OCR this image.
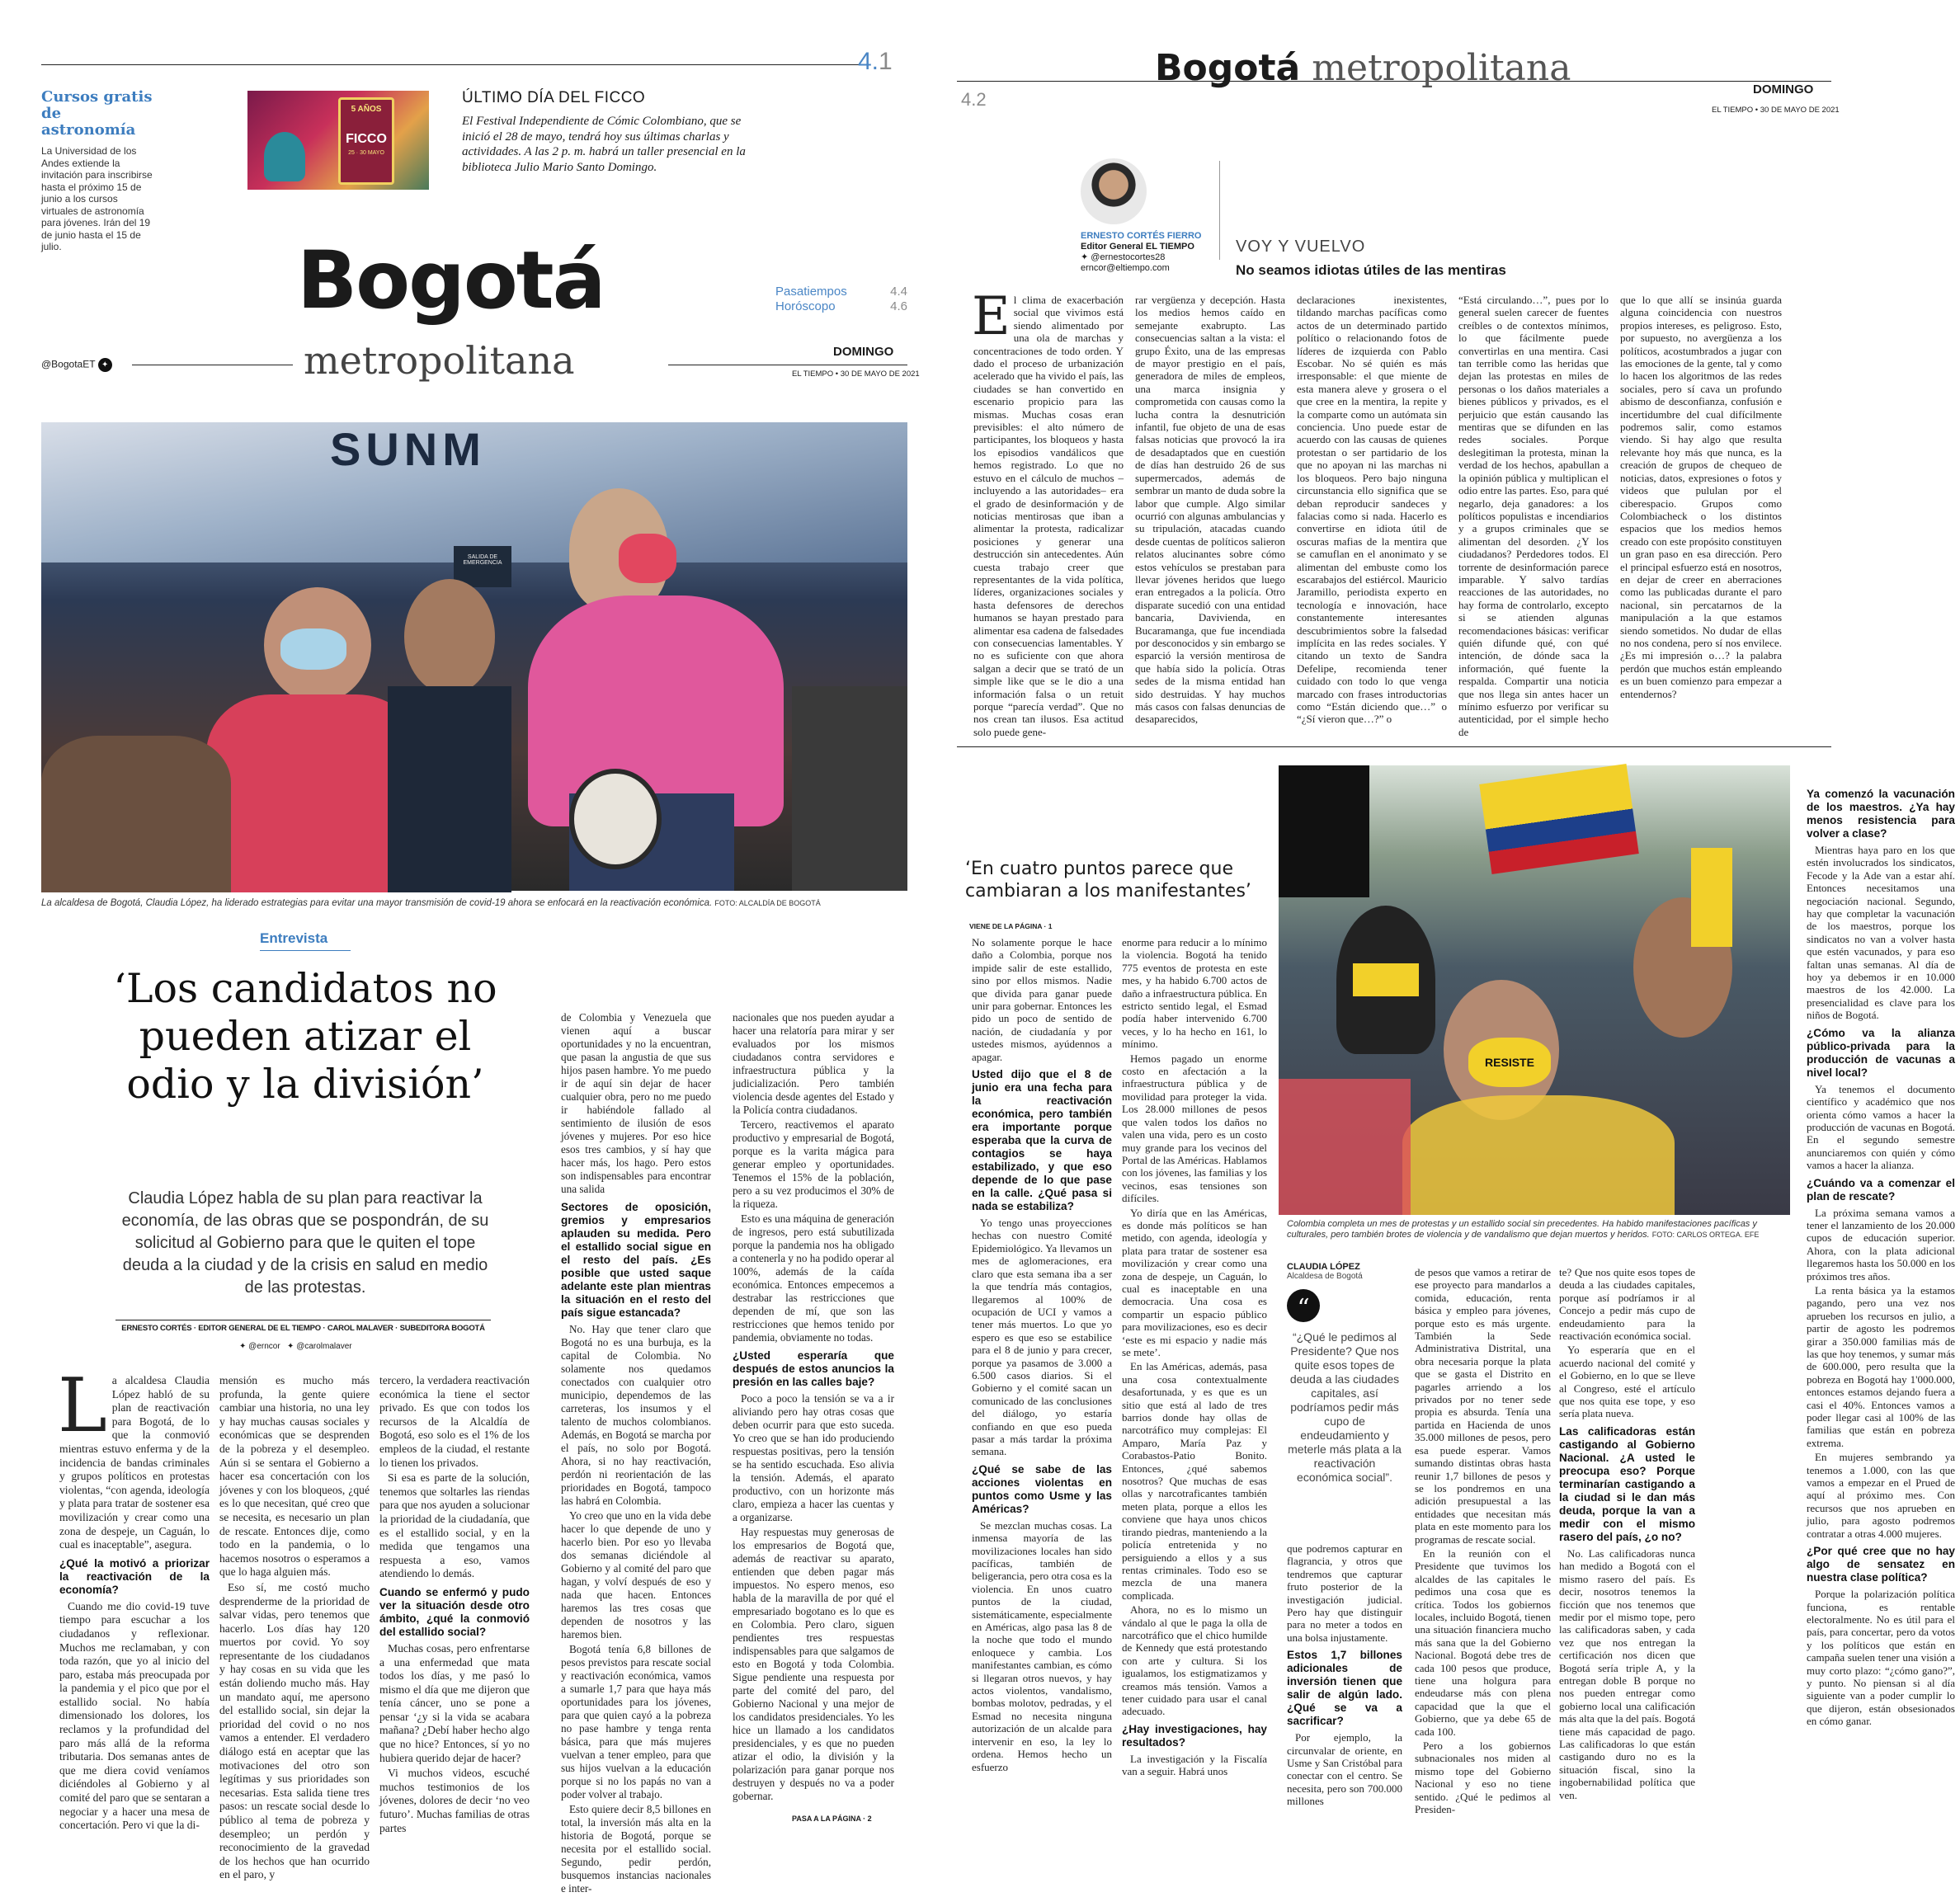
4.1
Cursos gratis de astronomía
La Universidad de los Andes extiende la invitación para inscribirse hasta el próximo 15 de junio a los cursos virtuales de astronomía para jóvenes. Irán del 19 de junio hasta el 15 de julio.
5 AÑOS
FICCO
25 · 30 MAYO
ÚLTIMO DÍA DEL FICCO
El Festival Independiente de Cómic Colombiano, que se inició el 28 de mayo, tendrá hoy sus últimas charlas y actividades. A las 2 p. m. habrá un taller presencial en la biblioteca Julio Mario Santo Domingo.
Bogotá
metropolitana
@BogotaET ✦
Pasatiempos	4.4
Horóscopo	4.6
DOMINGO
EL TIEMPO • 30 DE MAYO DE 2021
SUNM
SALIDA DE EMERGENCIA
La alcaldesa de Bogotá, Claudia López, ha liderado estrategias para evitar una mayor transmisión de covid-19 ahora se enfocará en la reactivación económica. FOTO: ALCALDÍA DE BOGOTÁ
Entrevista
‘Los candidatos no pueden atizar el odio y la división’
Claudia López habla de su plan para reactivar la economía, de las obras que se pospondrán, de su solicitud al Gobierno para que le quiten el tope deuda a la ciudad y de la crisis en salud en medio de las protestas.
ERNESTO CORTÉS · EDITOR GENERAL DE EL TIEMPO · CAROL MALAVER · SUBEDITORA BOGOTÁ
✦ @erncor ✦ @carolmalaver
L a alcaldesa Claudia López habló de su plan de reactivación para Bogotá, de lo que la conmovió mientras estuvo enferma y de la incidencia de bandas criminales y grupos políticos en protestas violentas, “con agenda, ideología y plata para tratar de sostener esa movilización y crear como una zona de despeje, un Caguán, lo cual es inaceptable”, asegura.

¿Qué la motivó a priorizar la reactivación de la economía?

Cuando me dio covid-19 tuve tiempo para escuchar a los ciudadanos y reflexionar. Muchos me reclamaban, y con toda razón, que yo al inicio del paro, estaba más preocupada por la pandemia y el pico que por el estallido social. No había dimensionado los dolores, los reclamos y la profundidad del paro más allá de la reforma tributaria. Dos semanas antes de que me diera covid veníamos diciéndoles al Gobierno y al comité del paro que se sentaran a negociar y a hacer una mesa de concertación. Pero vi que la di-

mensión es mucho más profunda, la gente quiere cambiar una historia, no una ley y hay muchas causas sociales y económicas que se desprenden de la pobreza y el desempleo. Aún si se sentara el Gobierno a hacer esa concertación con los jóvenes y con los bloqueos, ¿qué es lo que necesitan, qué creo que se necesita, es necesario un plan de rescate. Entonces dije, como todo en la pandemia, o lo hacemos nosotros o esperamos a que lo haga alguien más.

Eso sí, me costó mucho desprenderme de la prioridad de salvar vidas, pero tenemos que hacerlo. Los días hay 120 muertos por covid. Yo soy representante de los ciudadanos y hay cosas en su vida que les están doliendo mucho más. Hay un mandato aquí, me apersono del estallido social, sin dejar la prioridad del covid o no nos vamos a entender. El verdadero diálogo está en aceptar que las motivaciones del otro son legítimas y sus prioridades son necesarias. Esta salida tiene tres pasos: un rescate social desde lo público al tema de pobreza y desempleo; un perdón y reconocimiento de la gravedad de los hechos que han ocurrido en el paro, y

tercero, la verdadera reactivación económica la tiene el sector privado. Es que con todos los recursos de la Alcaldía de Bogotá, eso solo es el 1% de los empleos de la ciudad, el restante lo tienen los privados.

Si esa es parte de la solución, tenemos que soltarles las riendas para que nos ayuden a solucionar la prioridad de la ciudadanía, que es el estallido social, y en la medida que tengamos una respuesta a eso, vamos atendiendo lo demás.

Cuando se enfermó y pudo ver la situación desde otro ámbito, ¿qué la conmovió del estallido social?

Muchas cosas, pero enfrentarse a una enfermedad que mata todos los días, y me pasó lo mismo el día que me dijeron que tenía cáncer, uno se pone a pensar ‘¿y si la vida se acabara mañana? ¿Debí haber hecho algo que no hice? Entonces, sí yo no hubiera querido dejar de hacer?

Vi muchos videos, escuché muchos testimonios de los jóvenes, dolores de decir ‘no veo futuro’. Muchas familias de otras partes

de Colombia y Venezuela que vienen aquí a buscar oportunidades y no la encuentran, que pasan la angustia de que sus hijos pasen hambre. Yo me puedo ir de aquí sin dejar de hacer cualquier obra, pero no me puedo ir habiéndole fallado al sentimiento de ilusión de esos jóvenes y mujeres. Por eso hice esos tres cambios, y sí hay que hacer más, los hago. Pero estos son indispensables para encontrar una salida

Sectores de oposición, gremios y empresarios aplauden su medida. Pero el estallido social sigue en el resto del país. ¿Es posible que usted saque adelante este plan mientras la situación en el resto del país sigue estancada?

No. Hay que tener claro que Bogotá no es una burbuja, es la capital de Colombia. No solamente nos quedamos conectados con cualquier otro municipio, dependemos de las carreteras, los insumos y el talento de muchos colombianos. Además, en Bogotá se marcha por el país, no solo por Bogotá. Ahora, si no hay reactivación, perdón ni reorientación de las prioridades en Bogotá, tampoco las habrá en Colombia.

Yo creo que uno en la vida debe hacer lo que depende de uno y hacerlo bien. Por eso yo llevaba dos semanas diciéndole al Gobierno y al comité del paro que hagan, y volví después de eso y nada que hacen. Entonces haremos las tres cosas que dependen de nosotros y las haremos bien.

Bogotá tenía 6,8 billones de pesos previstos para rescate social y reactivación económica, vamos a sumarle 1,7 para que haya más oportunidades para los jóvenes, para que quien cayó a la pobreza no pase hambre y tenga renta básica, para que más mujeres vuelvan a tener empleo, para que sus hijos vuelvan a la educación porque si no los papás no van a poder volver al trabajo.

Esto quiere decir 8,5 billones en total, la inversión más alta en la historia de Bogotá, porque se necesita por el estallido social. Segundo, pedir perdón, busquemos instancias nacionales e inter-

nacionales que nos pueden ayudar a hacer una relatoría para mirar y ser evaluados por los mismos ciudadanos contra servidores e infraestructura pública y la judicialización. Pero también violencia desde agentes del Estado y la Policía contra ciudadanos.

Tercero, reactivemos el aparato productivo y empresarial de Bogotá, porque es la varita mágica para generar empleo y oportunidades. Tenemos el 15% de la población, pero a su vez producimos el 30% de la riqueza.

Esto es una máquina de generación de ingresos, pero está subutilizada porque la pandemia nos ha obligado a contenerla y no ha podido operar al 100%, además de la caída económica. Entonces empecemos a destrabar las restricciones que dependen de mí, que son las restricciones que hemos tenido por pandemia, obviamente no todas.

¿Usted esperaría que después de estos anuncios la presión en las calles baje?

Poco a poco la tensión se va a ir aliviando pero hay otras cosas que deben ocurrir para que esto suceda. Yo creo que se han ido produciendo respuestas positivas, pero la tensión se ha sentido escuchada. Eso alivia la tensión. Además, el aparato productivo, con un horizonte más claro, empieza a hacer las cuentas y a organizarse.

Hay respuestas muy generosas de los empresarios de Bogotá que, además de reactivar su aparato, entienden que deben pagar más impuestos. No espero menos, eso habla de la maravilla de por qué el empresariado bogotano es lo que es en Colombia. Pero claro, siguen pendientes tres respuestas indispensables para que salgamos de esto en Bogotá y toda Colombia. Sigue pendiente una respuesta por parte del comité del paro, del Gobierno Nacional y una mejor de los candidatos presidenciales. Yo les hice un llamado a los candidatos presidenciales, y es que no pueden atizar el odio, la división y la polarización para ganar porque nos destruyen y después no va a poder gobernar.

PASA A LA PÁGINA · 2
4.2
Bogotá metropolitana
DOMINGO
EL TIEMPO • 30 DE MAYO DE 2021
ERNESTO CORTÉS FIERRO
Editor General EL TIEMPO
✦ @ernestocortes28
erncor@eltiempo.com
VOY Y VUELVO
No seamos idiotas útiles de las mentiras
E l clima de exacerbación social que vivimos está siendo alimentado por una ola de marchas y concentraciones de todo orden. Y dado el proceso de urbanización acelerado que ha vivido el país, las ciudades se han convertido en escenario propicio para las mismas. Muchas cosas eran previsibles: el alto número de participantes, los bloqueos y hasta los episodios vandálicos que hemos registrado. Lo que no estuvo en el cálculo de muchos –incluyendo a las autoridades– era el grado de desinformación y de noticias mentirosas que iban a alimentar la protesta, radicalizar posiciones y generar una destrucción sin antecedentes. Aún cuesta trabajo creer que representantes de la vida política, líderes, organizaciones sociales y hasta defensores de derechos humanos se hayan prestado para alimentar esa cadena de falsedades con consecuencias lamentables. Y no es suficiente con que ahora salgan a decir que se trató de un simple like que se le dio a una información falsa o un retuit porque “parecía verdad”. Que no nos crean tan ilusos. Esa actitud solo puede gene-

rar vergüenza y decepción. Hasta los medios hemos caído en semejante exabrupto. Las consecuencias saltan a la vista: el grupo Éxito, una de las empresas de mayor prestigio en el país, generadora de miles de empleos, una marca insignia y comprometida con causas como la lucha contra la desnutrición infantil, fue objeto de una de esas falsas noticias que provocó la ira de desadaptados que en cuestión de días han destruido 26 de sus supermercados, además de sembrar un manto de duda sobre la labor que cumple. Algo similar ocurrió con algunas ambulancias y su tripulación, atacadas cuando desde cuentas de políticos salieron relatos alucinantes sobre cómo estos vehículos se prestaban para llevar jóvenes heridos que luego eran entregados a la policía. Otro disparate sucedió con una entidad bancaria, Davivienda, en Bucaramanga, que fue incendiada por desconocidos y sin embargo se esparció la versión mentirosa de que había sido la policía. Otras sedes de la misma entidad han sido destruidas. Y hay muchos más casos con falsas denuncias de desaparecidos,

declaraciones inexistentes, tildando marchas pacíficas como actos de un determinado partido político o relacionando fotos de líderes de izquierda con Pablo Escobar. No sé quién es más irresponsable: el que miente de esta manera aleve y grosera o el que cree en la mentira, la repite y la comparte como un autómata sin conciencia. Uno puede estar de acuerdo con las causas de quienes protestan o ser partidario de los que no apoyan ni las marchas ni los bloqueos. Pero bajo ninguna circunstancia ello significa que se deban reproducir sandeces y falacias como si nada. Hacerlo es convertirse en idiota útil de oscuras mafias de la mentira que se camuflan en el anonimato y se alimentan del embuste como los escarabajos del estiércol. Mauricio Jaramillo, periodista experto en tecnología e innovación, hace constantemente interesantes descubrimientos sobre la falsedad implícita en las redes sociales. Y citando un texto de Sandra Defelipe, recomienda tener cuidado con todo lo que venga marcado con frases introductorias como “Están diciendo que…” o “¿Sí vieron que…?” o

“Está circulando…”, pues por lo general suelen carecer de fuentes creíbles o de contextos mínimos, lo que fácilmente puede convertirlas en una mentira. Casi tan terrible como las heridas que dejan las protestas en miles de personas o los daños materiales a bienes públicos y privados, es el perjuicio que están causando las mentiras que se difunden en las redes sociales. Porque deslegitiman la protesta, minan la verdad de los hechos, apabullan a la opinión pública y multiplican el odio entre las partes. Eso, para qué negarlo, deja ganadores: a los políticos populistas e incendiarios y a grupos criminales que se alimentan del desorden. ¿Y los ciudadanos? Perdedores todos. El torrente de desinformación parece imparable. Y salvo tardías reacciones de las autoridades, no hay forma de controlarlo, excepto si se atienden algunas recomendaciones básicas: verificar quién difunde qué, con qué intención, de dónde saca la información, qué fuente la respalda. Compartir una noticia que nos llega sin antes hacer un mínimo esfuerzo por verificar su autenticidad, por el simple hecho de

que lo que allí se insinúa guarda alguna coincidencia con nuestros propios intereses, es peligroso. Esto, por supuesto, no avergüenza a los políticos, acostumbrados a jugar con las emociones de la gente, tal y como lo hacen los algoritmos de las redes sociales, pero sí cava un profundo abismo de desconfianza, confusión e incertidumbre del cual difícilmente podremos salir, como estamos viendo. Si hay algo que resulta relevante hoy más que nunca, es la creación de grupos de chequeo de noticias, datos, expresiones o fotos y videos que pululan por el ciberespacio. Grupos como Colombiacheck o los distintos espacios que los medios hemos creado con este propósito constituyen un gran paso en esa dirección. Pero el principal esfuerzo está en nosotros, en dejar de creer en aberraciones como las publicadas durante el paro nacional, sin percatarnos de la manipulación a la que estamos siendo sometidos. No dudar de ellas no nos condena, pero sí nos envilece. ¿Es mi impresión o…? la palabra perdón que muchos están empleando es un buen comienzo para empezar a entendernos?

‘En cuatro puntos parece que cambiaran a los manifestantes’
VIENE DE LA PÁGINA · 1
RESISTE
Colombia completa un mes de protestas y un estallido social sin precedentes. Ha habido manifestaciones pacíficas y culturales, pero también brotes de violencia y de vandalismo que dejan muertos y heridos. FOTO: CARLOS ORTEGA. EFE

No solamente porque le hace daño a Colombia, porque nos impide salir de este estallido, sino por ellos mismos. Nadie que divida para ganar puede unir para gobernar. Entonces les pido un poco de sentido de nación, de ciudadanía y por ustedes mismos, ayúdennos a apagar.

Usted dijo que el 8 de junio era una fecha para la reactivación económica, pero también era importante porque esperaba que la curva de contagios se haya estabilizado, y que eso depende de lo que pase en la calle. ¿Qué pasa si nada se estabiliza?

Yo tengo unas proyecciones hechas con nuestro Comité Epidemiológico. Ya llevamos un mes de aglomeraciones, era claro que esta semana iba a ser la que tendría más contagios, llegaremos al 100% de ocupación de UCI y vamos a tener más muertos. Lo que yo espero es que eso se estabilice para el 8 de junio y para crecer, porque ya pasamos de 3.000 a 6.500 casos diarios. Si el Gobierno y el comité sacan un comunicado de las conclusiones del diálogo, yo estaría confiando en que eso pueda pasar a más tardar la próxima semana.

¿Qué se sabe de las acciones violentas en puntos como Usme y las Américas?

Se mezclan muchas cosas. La inmensa mayoría de las movilizaciones locales han sido pacíficas, también de beligerancia, pero otra cosa es la violencia. En unos cuatro puntos de la ciudad, sistemáticamente, especialmente en Américas, algo pasa las 8 de la noche que todo el mundo enloquece y cambia. Los manifestantes cambian, es cómo si llegaran otros nuevos, y hay actos violentos, vandalismo, bombas molotov, pedradas, y el Esmad no necesita ninguna autorización de un alcalde para intervenir en eso, la ley lo ordena. Hemos hecho un esfuerzo

enorme para reducir a lo mínimo la violencia. Bogotá ha tenido 775 eventos de protesta en este mes, y ha habido 6.700 actos de daño a infraestructura pública. En estricto sentido legal, el Esmad podía haber intervenido 6.700 veces, y lo ha hecho en 161, lo mínimo.

Hemos pagado un enorme costo en afectación a la infraestructura pública y de movilidad para proteger la vida. Los 28.000 millones de pesos que valen todos los daños no valen una vida, pero es un costo muy grande para los vecinos del Portal de las Américas. Hablamos con los jóvenes, las familias y los vecinos, esas tensiones son difíciles.

Yo diría que en las Américas, es donde más políticos se han metido, con agenda, ideología y plata para tratar de sostener esa movilización y crear como una zona de despeje, un Caguán, lo cual es inaceptable en una democracia. Una cosa es compartir un espacio público para movilizaciones, eso es decir ‘este es mi espacio y nadie más se mete’.

En las Américas, además, pasa una cosa contextualmente desafortunada, y es que es un sitio que está al lado de tres barrios donde hay ollas de narcotráfico muy complejas: El Amparo, María Paz y Corabastos-Patio Bonito. Entonces, ¿qué sabemos nosotros? Que muchas de esas ollas y narcotraficantes también meten plata, porque a ellos les conviene que haya unos chicos tirando piedras, manteniendo a la policía entretenida y no persiguiendo a ellos y a sus rentas criminales. Todo eso se mezcla de una manera complicada.

Ahora, no es lo mismo un vándalo al que le paga la olla de narcotráfico que el chico humilde de Kennedy que está protestando con arte y cultura. Si los igualamos, los estigmatizamos y creamos más tensión. Vamos a tener cuidado para usar el canal adecuado.

¿Hay investigaciones, hay resultados?

La investigación y la Fiscalía van a seguir. Habrá unos

CLAUDIA LÓPEZ
Alcaldesa de Bogotá
“
“¿Qué le pedimos al Presidente? Que nos quite esos topes de deuda a las ciudades capitales, así podríamos pedir más cupo de endeudamiento y meterle más plata a la reactivación económica social”.

que podremos capturar en flagrancia, y otros que tendremos que capturar fruto posterior de la investigación judicial. Pero hay que distinguir para no meter a todos en una bolsa injustamente.

Estos 1,7 billones adicionales de inversión tienen que salir de algún lado. ¿Qué se va a sacrificar?

Por ejemplo, la circunvalar de oriente, en Usme y San Cristóbal para conectar con el centro. Se necesita, pero son 700.000 millones

de pesos que vamos a retirar de ese proyecto para mandarlos a comida, educación, renta básica y empleo para jóvenes, porque esto es más urgente. También la Sede Administrativa Distrital, una obra necesaria porque la plata que se gasta el Distrito en pagarles arriendo a los privados por no tener sede propia es absurda. Tenía una partida en Hacienda de unos 35.000 millones de pesos, pero esa puede esperar. Vamos sumando distintas obras hasta reunir 1,7 billones de pesos y se los pondremos en una adición presupuestal a las entidades que necesitan más plata en este momento para los programas de rescate social.

En la reunión con el Presidente que tuvimos los alcaldes de las capitales le pedimos una cosa que es crítica. Todos los gobiernos locales, incluido Bogotá, tienen una situación financiera mucho más sana que la del Gobierno Nacional. Bogotá debe tres de cada 100 pesos que produce, tiene una holgura para endeudarse más con plena capacidad que la que el Gobierno, que ya debe 65 de cada 100.

Pero a los gobiernos subnacionales nos miden al mismo tope del Gobierno Nacional y eso no tiene sentido. ¿Qué le pedimos al Presiden-

te? Que nos quite esos topes de deuda a las ciudades capitales, porque así podríamos ir al Concejo a pedir más cupo de endeudamiento para la reactivación económica social.

Yo esperaría que en el acuerdo nacional del comité y el Gobierno, en lo que se lleve al Congreso, esté el artículo que nos quita ese tope, y eso sería plata nueva.

Las calificadoras están castigando al Gobierno Nacional. ¿A usted le preocupa eso? Porque terminarían castigando a la ciudad si le dan más deuda, porque la van a medir con el mismo rasero del país, ¿o no?

No. Las calificadoras nunca han medido a Bogotá con el mismo rasero del país. Es decir, nosotros tenemos la ficción que nos tenemos que medir por el mismo tope, pero las calificadoras saben, y cada vez que nos entregan la certificación nos dicen que Bogotá sería triple A, y la entregan doble B porque no nos pueden entregar como gobierno local una calificación más alta que la del país. Bogotá tiene más capacidad de pago. Las calificadoras lo que están castigando duro no es la situación fiscal, sino la ingobernabilidad política que ven.

Ya comenzó la vacunación de los maestros. ¿Ya hay menos resistencia para volver a clase?

Mientras haya paro en los que estén involucrados los sindicatos, Fecode y la Ade van a estar ahí. Entonces necesitamos una negociación nacional. Segundo, hay que completar la vacunación de los maestros, porque los sindicatos no van a volver hasta que estén vacunados, y para eso faltan unas semanas. Al día de hoy ya debemos ir en 10.000 maestros de los 42.000. La presencialidad es clave para los niños de Bogotá.

¿Cómo va la alianza público-privada para la producción de vacunas a nivel local?

Ya tenemos el documento científico y académico que nos orienta cómo vamos a hacer la producción de vacunas en Bogotá. En el segundo semestre anunciaremos con quién y cómo vamos a hacer la alianza.

¿Cuándo va a comenzar el plan de rescate?

La próxima semana vamos a tener el lanzamiento de los 20.000 cupos de educación superior. Ahora, con la plata adicional llegaremos hasta los 50.000 en los próximos tres años.

La renta básica ya la estamos pagando, pero una vez nos aprueben los recursos en julio, a partir de agosto les podremos girar a 350.000 familias más de las que hoy tenemos, y sumar más de 600.000, pero resulta que la pobreza en Bogotá hay 1'000.000, entonces estamos dejando fuera a casi el 40%. Entonces vamos a poder llegar casi al 100% de las familias que están en pobreza extrema.

En mujeres sembrando ya tenemos a 1.000, con las que vamos a empezar en el Prued de aquí al próximo mes. Con recursos que nos aprueben en julio, para agosto podremos contratar a otras 4.000 mujeres.

¿Por qué cree que no hay algo de sensatez en nuestra clase política?

Porque la polarización política funciona, es rentable electoralmente. No es útil para el país, para concertar, pero da votos y los políticos que están en campaña suelen tener una visión a muy corto plazo: “¿cómo gano?”, y punto. No piensan si al día siguiente van a poder cumplir lo que dijeron, están obsesionados en cómo ganar.
